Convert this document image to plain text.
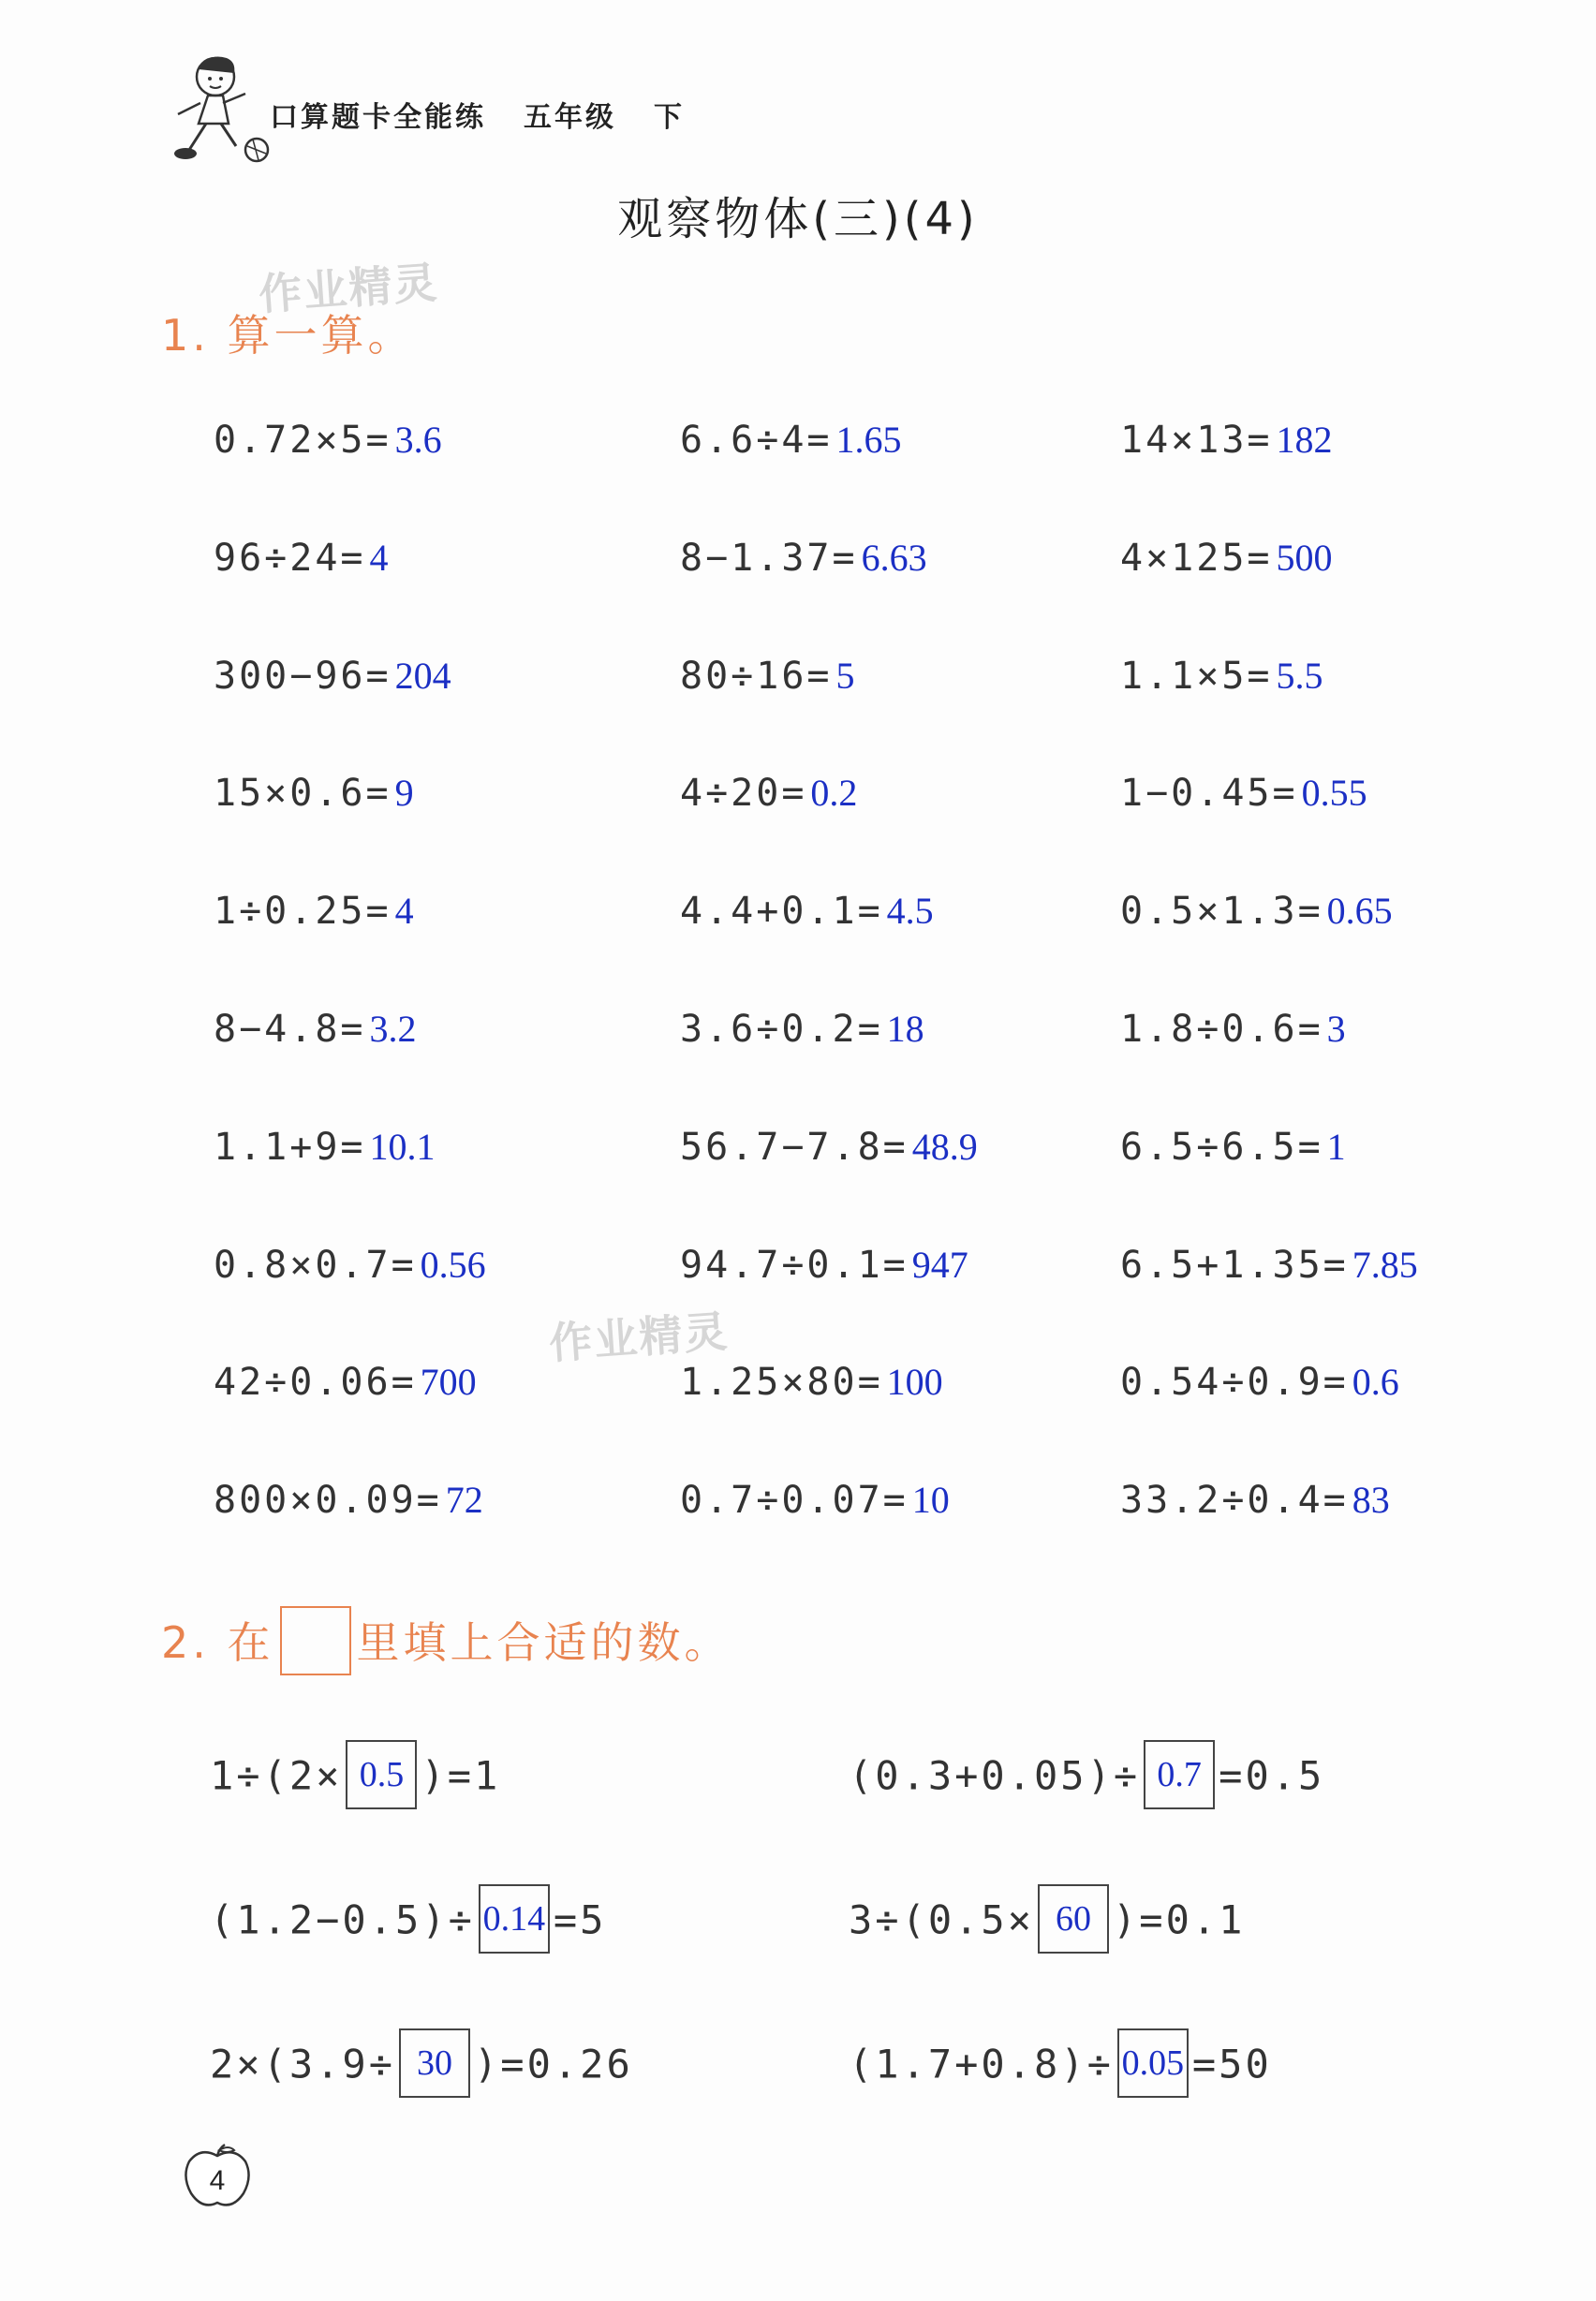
口算题卡全能练 五年级 下
观察物体(三)(4)
作业精灵
作业精灵
1. 算一算。
0.72×5= 3.6	6.6÷4= 1.65	14×13= 182
96÷24= 4	8−1.37= 6.63	4×125= 500
300−96= 204	80÷16= 5	1.1×5= 5.5
15×0.6= 9	4÷20= 0.2	1−0.45= 0.55
1÷0.25= 4	4.4+0.1= 4.5	0.5×1.3= 0.65
8−4.8= 3.2	3.6÷0.2= 18	1.8÷0.6= 3
1.1+9= 10.1	56.7−7.8= 48.9	6.5÷6.5= 1
0.8×0.7= 0.56	94.7÷0.1= 947	6.5+1.35= 7.85
42÷0.06= 700	1.25×80= 100	0.54÷0.9= 0.6
800×0.09= 72	0.7÷0.07= 10	33.2÷0.4= 83
2. 在 里填上合适的数。
1÷(2× 0.5 )=1	(0.3+0.05)÷ 0.7 =0.5
(1.2−0.5)÷ 0.14 =5	3÷(0.5× 60 )=0.1
2×(3.9÷ 30 )=0.26	(1.7+0.8)÷ 0.05 =50
4
